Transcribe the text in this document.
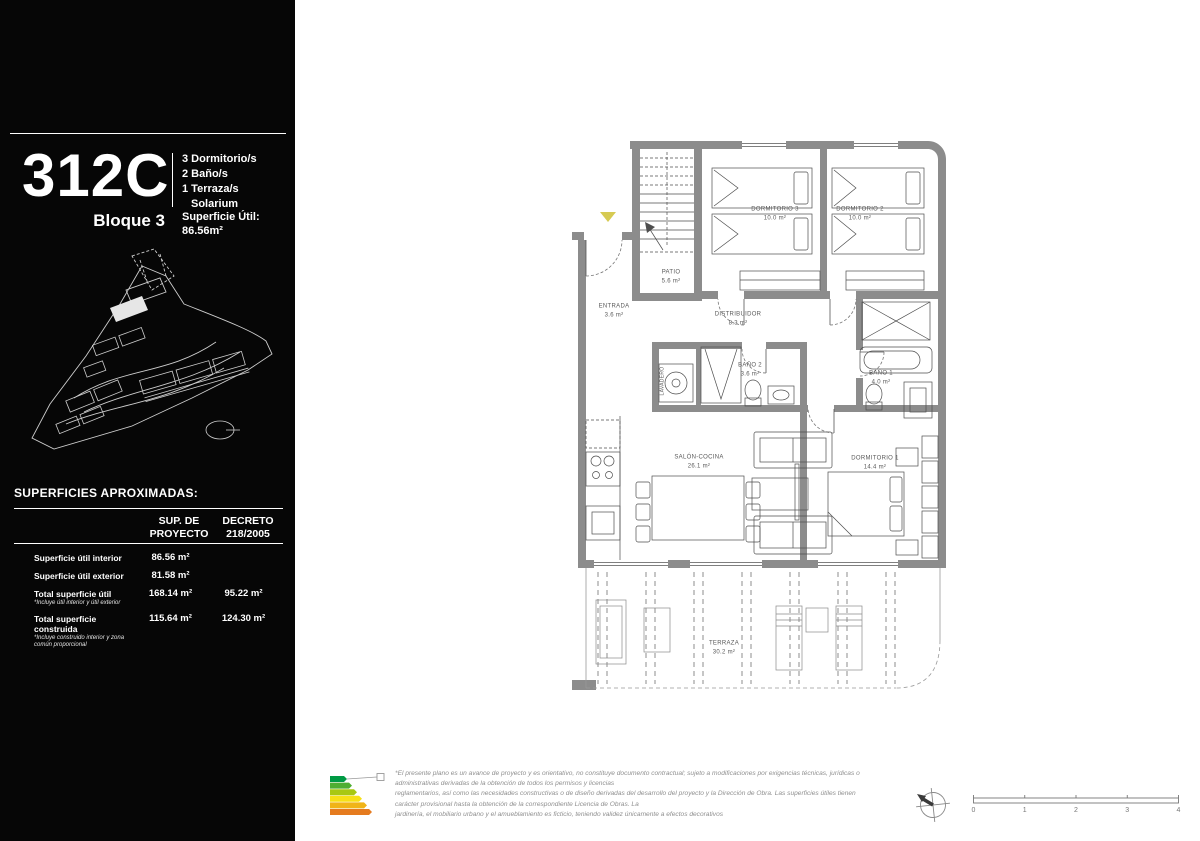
312C 3 Dormitorio/s
2 Baño/s
1 Terraza/s
Solarium
Superficie Útil:
86.56m²
Bloque 3
SUPERFICIES APROXIMADAS:
SUP. DE
PROYECTO
DECRETO
218/2005
Superficie útil interior	86.56 m²
Superficie útil exterior	81.58 m²
Total superficie útil
*Incluye útil interior y útil exterior
168.14 m²	95.22 m²
Total superficie construida
*Incluye construido interior y zona común proporcional
115.64 m²	124.30 m²
PATIO
5.6 m²
DORMITORIO 3
10.0 m²
DORMITORIO 2
10.0 m²
ENTRADA
3.6 m²	DISTRIBUIDOR
8.3 m²
BAÑO 2
3.6 m²	BAÑO 1
4.0 m²
SALÓN-COCINA
26.1 m²
DORMITORIO 1
14.4 m²
TERRAZA
30.2 m²
LAVADERO
*El presente plano es un avance de proyecto y es orientativo, no constituye documento contractual; sujeto a modificaciones por exigencias técnicas, jurídicas o
administrativas derivadas de la obtención de todos los permisos y licencias
reglamentarios, así como las necesidades constructivas o de diseño derivadas del desarrollo del proyecto y la Dirección de Obra. Las superficies útiles tienen
carácter provisional hasta la obtención de la correspondiente Licencia de Obras. La
jardinería, el mobiliario urbano y el amueblamiento es ficticio, teniendo validez únicamente a efectos decorativos
0	1	2	3	4
